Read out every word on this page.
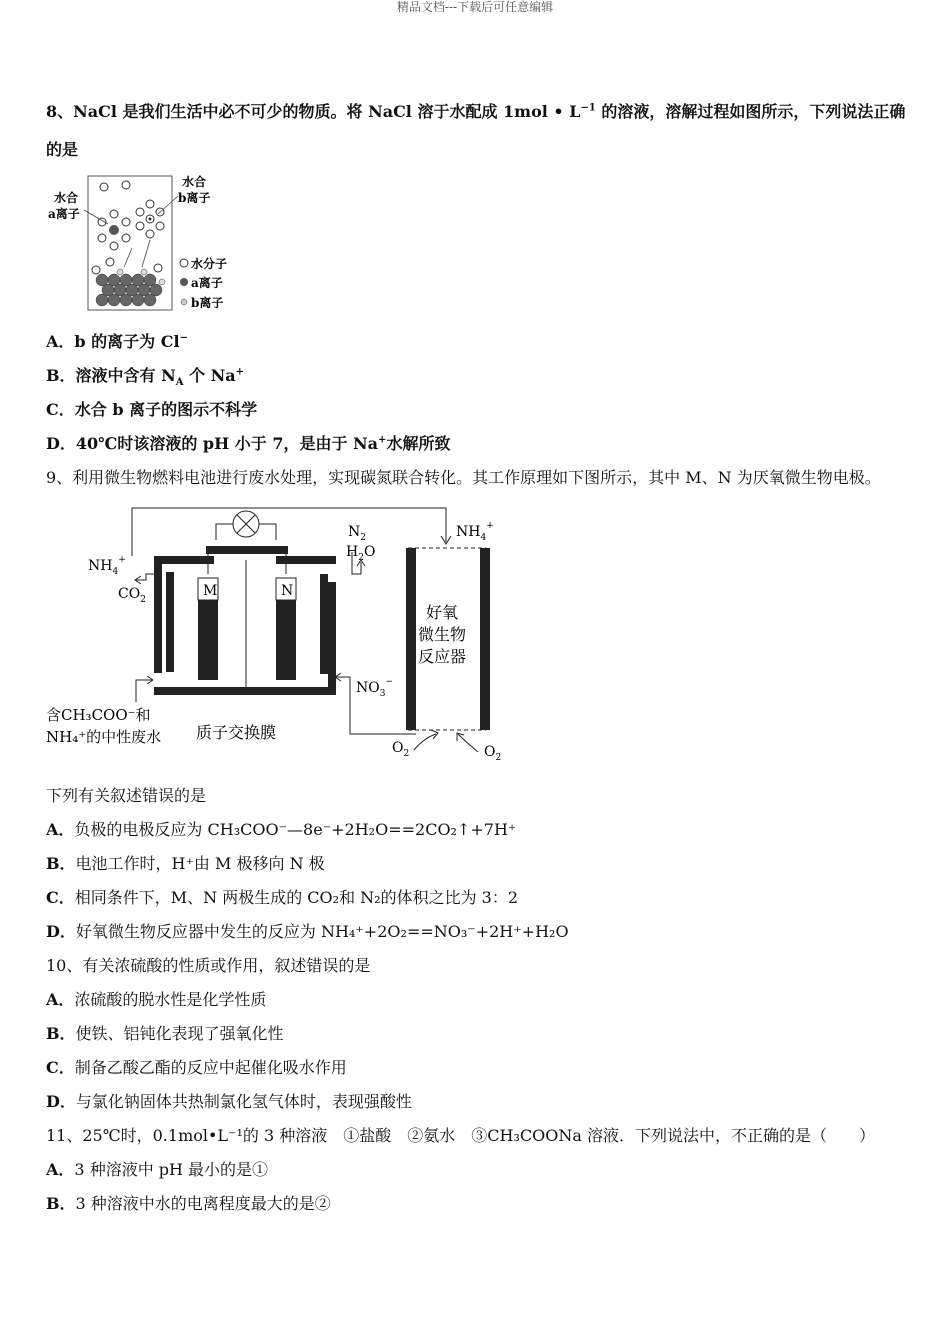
精品文档---下载后可任意编辑
8、NaCl 是我们生活中必不可少的物质。将 NaCl 溶于水配成 1mol • $L^{-1}$ 的溶液，溶解过程如图所示，下列说法正确
的是
水合
a离子
水合
b离子
水分子
a离子
b离子
A．b 的离子为 Cl−
B．溶液中含有 $N_A$ 个 Na+
C．水合 b 离子的图示不科学
D．40℃时该溶液的 pH 小于 7，是由于 Na+水解所致
9、利用微生物燃料电池进行废水处理，实现碳氮联合转化。其工作原理如下图所示，其中 M、N 为厌氧微生物电极。
M	N
$NH_4^+$
$CO_2$
$N_2$
$H_2O$
$NH_4^+$
$NO_3^-$
好氧
微生物
反应器
含CH₃COO⁻和
NH₄⁺的中性废水 质子交换膜
$O_2$	$O_2$
下列有关叙述错误的是
A．负极的电极反应为 CH₃COO⁻—8e⁻+2H₂O==2CO₂↑+7H⁺
B．电池工作时，H⁺由 M 极移向 N 极
C．相同条件下，M、N 两极生成的 CO₂和 N₂的体积之比为 3：2
D．好氧微生物反应器中发生的反应为 NH₄⁺+2O₂==NO₃⁻+2H⁺+H₂O
10、有关浓硫酸的性质或作用，叙述错误的是
A．浓硫酸的脱水性是化学性质
B．使铁、铝钝化表现了强氧化性
C．制备乙酸乙酯的反应中起催化吸水作用
D．与氯化钠固体共热制氯化氢气体时，表现强酸性
11、25℃时，0.1mol•L⁻¹的 3 种溶液　①盐酸　②氨水　③CH₃COONa 溶液．下列说法中，不正确的是（　　）
A．3 种溶液中 pH 最小的是①
B．3 种溶液中水的电离程度最大的是②
